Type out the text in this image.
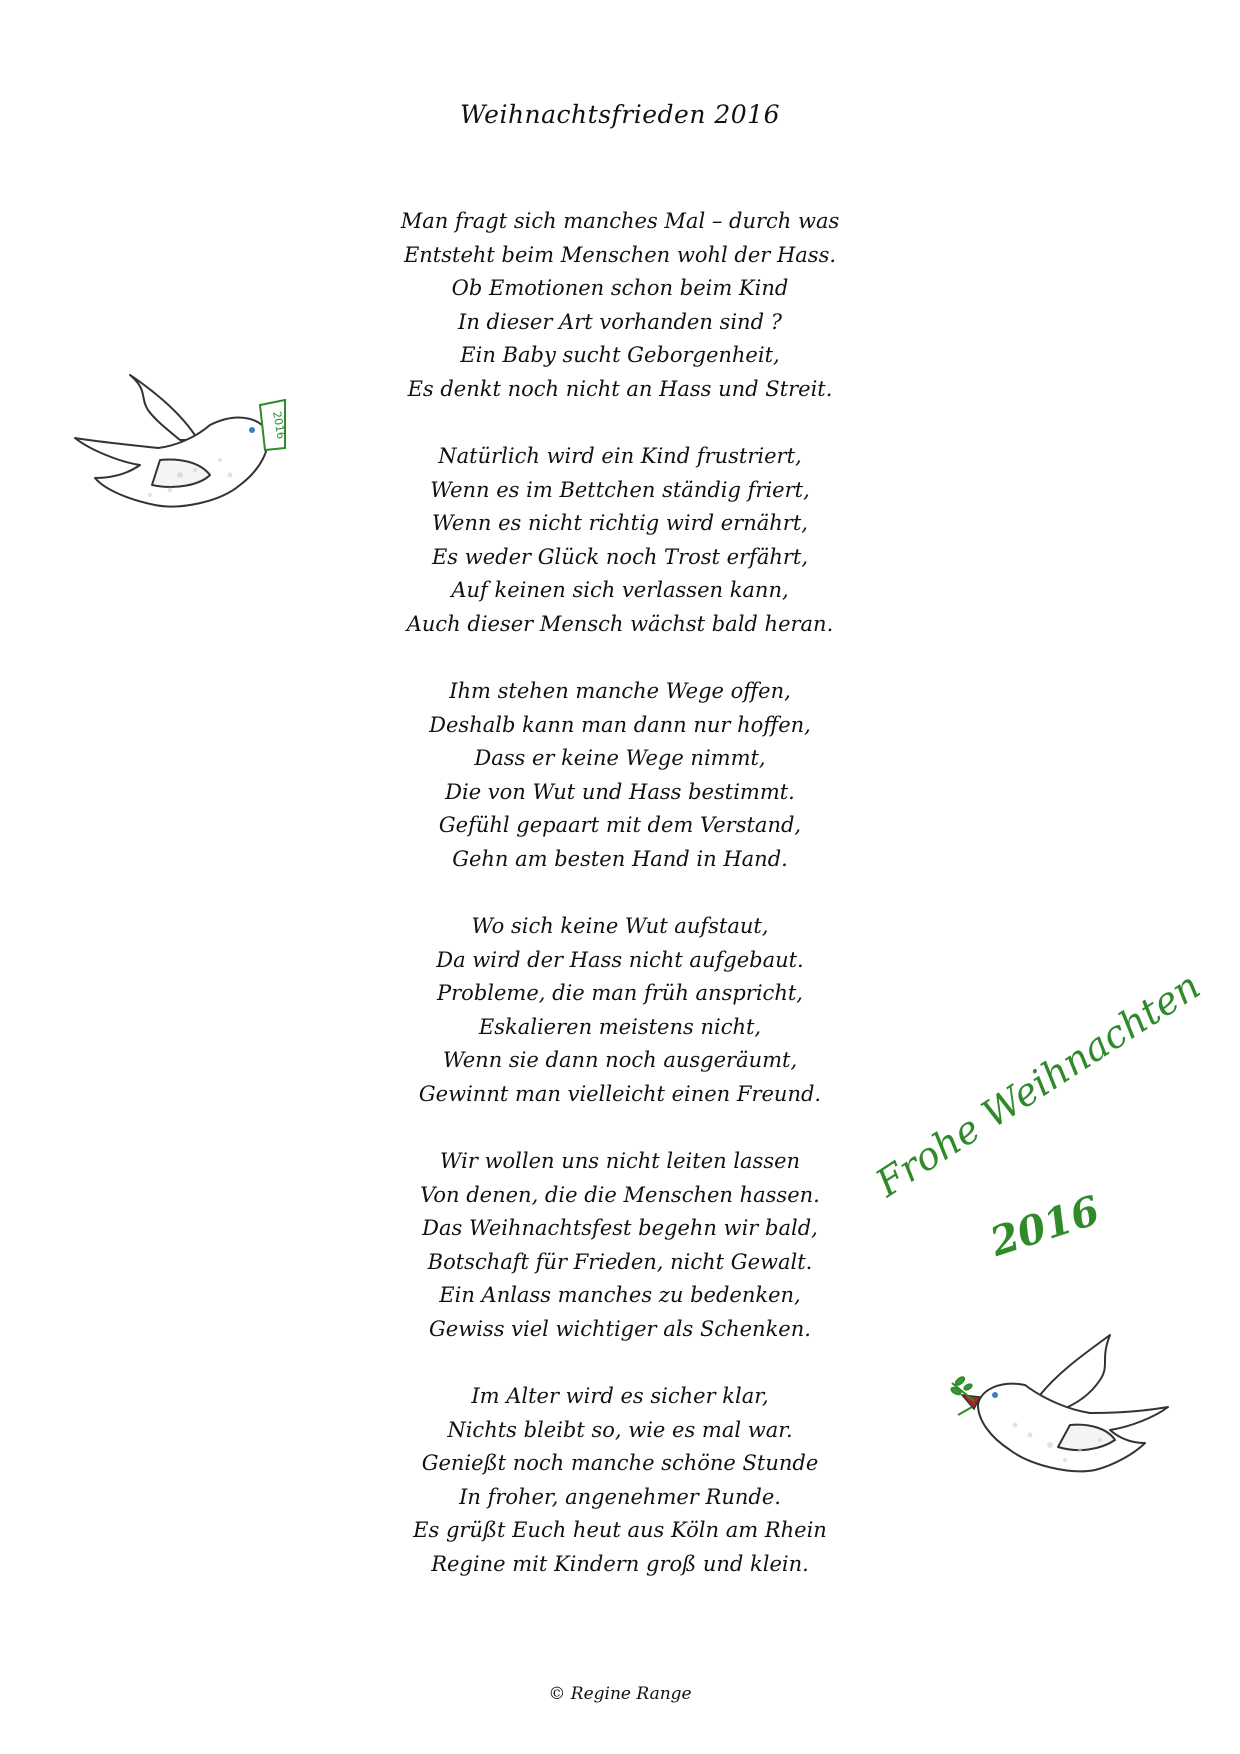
Weihnachtsfrieden 2016
Man fragt sich manches Mal – durch was
Entsteht beim Menschen wohl der Hass.
Ob Emotionen schon beim Kind
In dieser Art vorhanden sind ?
Ein Baby sucht Geborgenheit,
Es denkt noch nicht an Hass und Streit.
Natürlich wird ein Kind frustriert,
Wenn es im Bettchen ständig friert,
Wenn es nicht richtig wird ernährt,
Es weder Glück noch Trost erfährt,
Auf keinen sich verlassen kann,
Auch dieser Mensch wächst bald heran.
Ihm stehen manche Wege offen,
Deshalb kann man dann nur hoffen,
Dass er keine Wege nimmt,
Die von Wut und Hass bestimmt.
Gefühl gepaart mit dem Verstand,
Gehn am besten Hand in Hand.
Wo sich keine Wut aufstaut,
Da wird der Hass nicht aufgebaut.
Probleme, die man früh anspricht,
Eskalieren meistens nicht,
Wenn sie dann noch ausgeräumt,
Gewinnt man vielleicht einen Freund.
Wir wollen uns nicht leiten lassen
Von denen, die die Menschen hassen.
Das Weihnachtsfest begehn wir bald,
Botschaft für Frieden, nicht Gewalt.
Ein Anlass manches zu bedenken,
Gewiss viel wichtiger als Schenken.
Im Alter wird es sicher klar,
Nichts bleibt so, wie es mal war.
Genießt noch manche schöne Stunde
In froher, angenehmer Runde.
Es grüßt Euch heut aus Köln am Rhein
Regine mit Kindern groß und klein.
2016
Frohe Weihnachten
2016
© Regine Range
